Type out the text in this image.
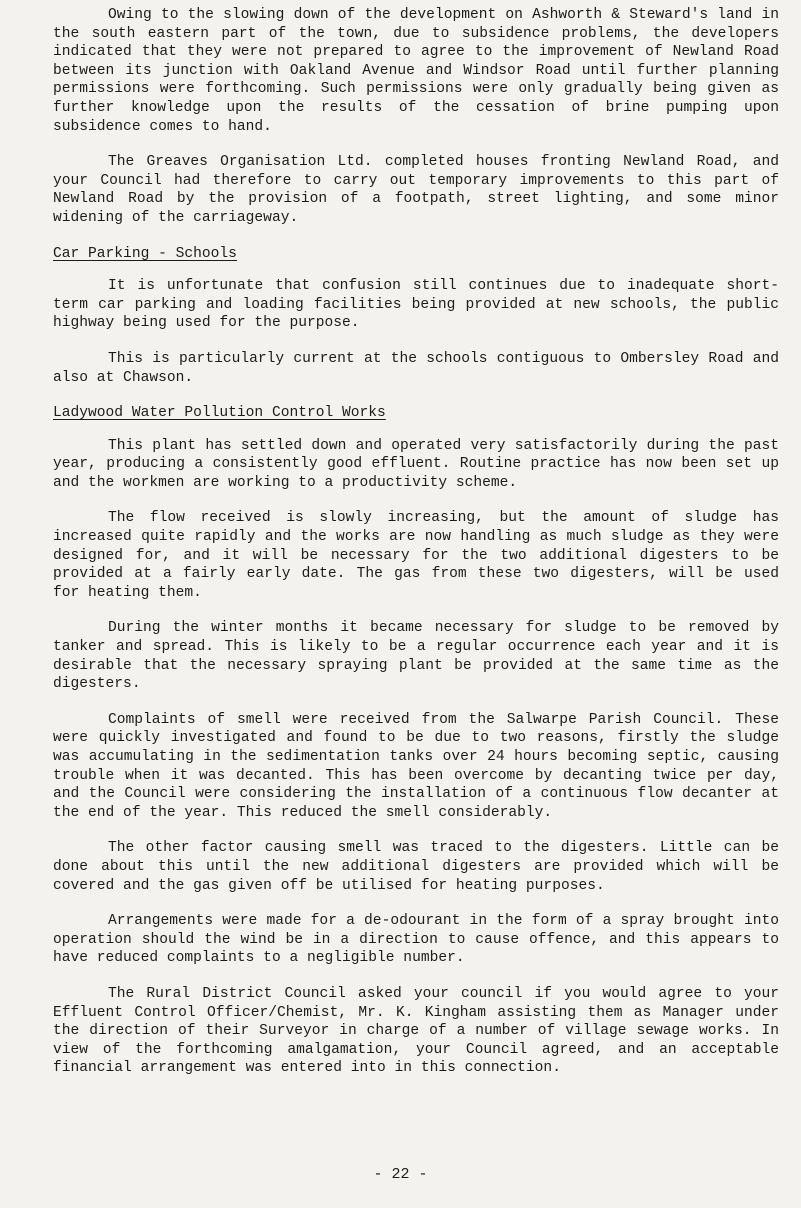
Owing to the slowing down of the development on Ashworth & Steward's land in the south eastern part of the town, due to subsidence problems, the developers indicated that they were not prepared to agree to the improvement of Newland Road between its junction with Oakland Avenue and Windsor Road until further planning permissions were forthcoming. Such permissions were only gradually being given as further knowledge upon the results of the cessation of brine pumping upon subsidence comes to hand.

The Greaves Organisation Ltd. completed houses fronting Newland Road, and your Council had therefore to carry out temporary improvements to this part of Newland Road by the provision of a footpath, street lighting, and some minor widening of the carriageway.

Car Parking - Schools

It is unfortunate that confusion still continues due to inadequate short-term car parking and loading facilities being provided at new schools, the public highway being used for the purpose.

This is particularly current at the schools contiguous to Ombersley Road and also at Chawson.

Ladywood Water Pollution Control Works

This plant has settled down and operated very satisfactorily during the past year, producing a consistently good effluent. Routine practice has now been set up and the workmen are working to a productivity scheme.

The flow received is slowly increasing, but the amount of sludge has increased quite rapidly and the works are now handling as much sludge as they were designed for, and it will be necessary for the two additional digesters to be provided at a fairly early date. The gas from these two digesters, will be used for heating them.

During the winter months it became necessary for sludge to be removed by tanker and spread. This is likely to be a regular occurrence each year and it is desirable that the necessary spraying plant be provided at the same time as the digesters.

Complaints of smell were received from the Salwarpe Parish Council. These were quickly investigated and found to be due to two reasons, firstly the sludge was accumulating in the sedimentation tanks over 24 hours becoming septic, causing trouble when it was decanted. This has been overcome by decanting twice per day, and the Council were considering the installation of a continuous flow decanter at the end of the year. This reduced the smell considerably.

The other factor causing smell was traced to the digesters. Little can be done about this until the new additional digesters are provided which will be covered and the gas given off be utilised for heating purposes.

Arrangements were made for a de-odourant in the form of a spray brought into operation should the wind be in a direction to cause offence, and this appears to have reduced complaints to a negligible number.

The Rural District Council asked your council if you would agree to your Effluent Control Officer/Chemist, Mr. K. Kingham assisting them as Manager under the direction of their Surveyor in charge of a number of village sewage works. In view of the forthcoming amalgamation, your Council agreed, and an acceptable financial arrangement was entered into in this connection.

- 22 -
